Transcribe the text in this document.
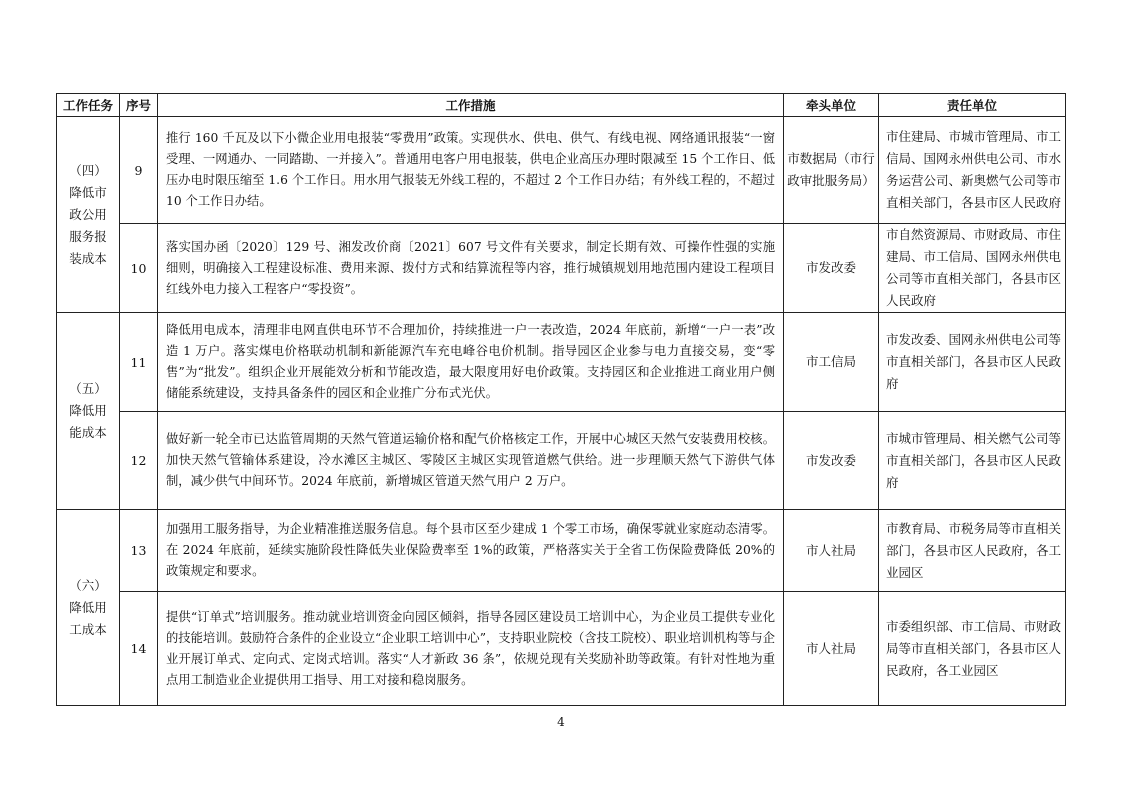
工作任务	序号	工作措施	牵头单位	责任单位
（四）降低市政公用服务报装成本	9	推行 160 千瓦及以下小微企业用电报装“零费用”政策。实现供水、供电、供气、有线电视、网络通讯报装“一窗受理、一网通办、一同踏勘、一并接入”。普通用电客户用电报装，供电企业高压办理时限减至 15 个工作日、低压办电时限压缩至 1.6 个工作日。用水用气报装无外线工程的，不超过 2 个工作日办结；有外线工程的，不超过 10 个工作日办结。	市数据局（市行政审批服务局）	市住建局、市城市管理局、市工信局、国网永州供电公司、市水务运营公司、新奥燃气公司等市直相关部门，各县市区人民政府
	10	落实国办函〔2020〕129 号、湘发改价商〔2021〕607 号文件有关要求，制定长期有效、可操作性强的实施细则，明确接入工程建设标准、费用来源、拨付方式和结算流程等内容，推行城镇规划用地范围内建设工程项目红线外电力接入工程客户“零投资”。	市发改委	市自然资源局、市财政局、市住建局、市工信局、国网永州供电公司等市直相关部门，各县市区人民政府
（五）降低用能成本	11	降低用电成本，清理非电网直供电环节不合理加价，持续推进一户一表改造，2024 年底前，新增“一户一表”改造 1 万户。落实煤电价格联动机制和新能源汽车充电峰谷电价机制。指导园区企业参与电力直接交易，变“零售”为“批发”。组织企业开展能效分析和节能改造，最大限度用好电价政策。支持园区和企业推进工商业用户侧储能系统建设，支持具备条件的园区和企业推广分布式光伏。	市工信局	市发改委、国网永州供电公司等市直相关部门，各县市区人民政府
	12	做好新一轮全市已达监管周期的天然气管道运输价格和配气价格核定工作，开展中心城区天然气安装费用校核。加快天然气管输体系建设，冷水滩区主城区、零陵区主城区实现管道燃气供给。进一步理顺天然气下游供气体制，减少供气中间环节。2024 年底前，新增城区管道天然气用户 2 万户。	市发改委	市城市管理局、相关燃气公司等市直相关部门，各县市区人民政府
（六）降低用工成本	13	加强用工服务指导，为企业精准推送服务信息。每个县市区至少建成 1 个零工市场，确保零就业家庭动态清零。在 2024 年底前，延续实施阶段性降低失业保险费率至 1%的政策，严格落实关于全省工伤保险费降低 20%的政策规定和要求。	市人社局	市教育局、市税务局等市直相关部门，各县市区人民政府，各工业园区
	14	提供“订单式”培训服务。推动就业培训资金向园区倾斜，指导各园区建设员工培训中心，为企业员工提供专业化的技能培训。鼓励符合条件的企业设立“企业职工培训中心”，支持职业院校（含技工院校）、职业培训机构等与企业开展订单式、定向式、定岗式培训。落实“人才新政 36 条”，依规兑现有关奖励补助等政策。有针对性地为重点用工制造业企业提供用工指导、用工对接和稳岗服务。	市人社局	市委组织部、市工信局、市财政局等市直相关部门，各县市区人民政府，各工业园区
4
